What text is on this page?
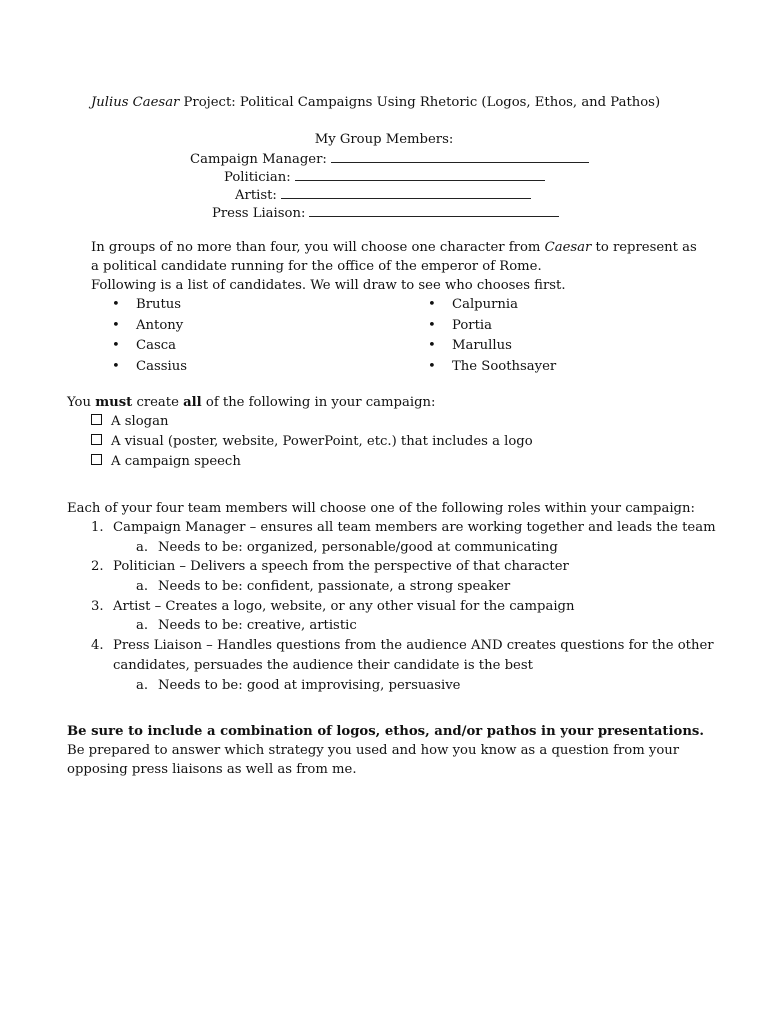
Julius Caesar Project: Political Campaigns Using Rhetoric (Logos, Ethos, and Pathos)
My Group Members:
Campaign Manager:
Politician:
Artist:
Press Liaison:
In groups of no more than four, you will choose one character from Caesar to represent as a political candidate running for the office of the emperor of Rome.
Following is a list of candidates. We will draw to see who chooses first.
• Brutus
• Antony
• Casca
• Cassius
• Calpurnia
• Portia
• Marullus
• The Soothsayer
You must create all of the following in your campaign:
A slogan
A visual (poster, website, PowerPoint, etc.) that includes a logo
A campaign speech
Each of your four team members will choose one of the following roles within your campaign:
1. Campaign Manager – ensures all team members are working together and leads the team
a. Needs to be: organized, personable/good at communicating
2. Politician – Delivers a speech from the perspective of that character
a. Needs to be: confident, passionate, a strong speaker
3. Artist – Creates a logo, website, or any other visual for the campaign
a. Needs to be: creative, artistic
4. Press Liaison – Handles questions from the audience AND creates questions for the other
candidates, persuades the audience their candidate is the best
a. Needs to be: good at improvising, persuasive
Be sure to include a combination of logos, ethos, and/or pathos in your presentations. Be prepared to answer which strategy you used and how you know as a question from your opposing press liaisons as well as from me.
